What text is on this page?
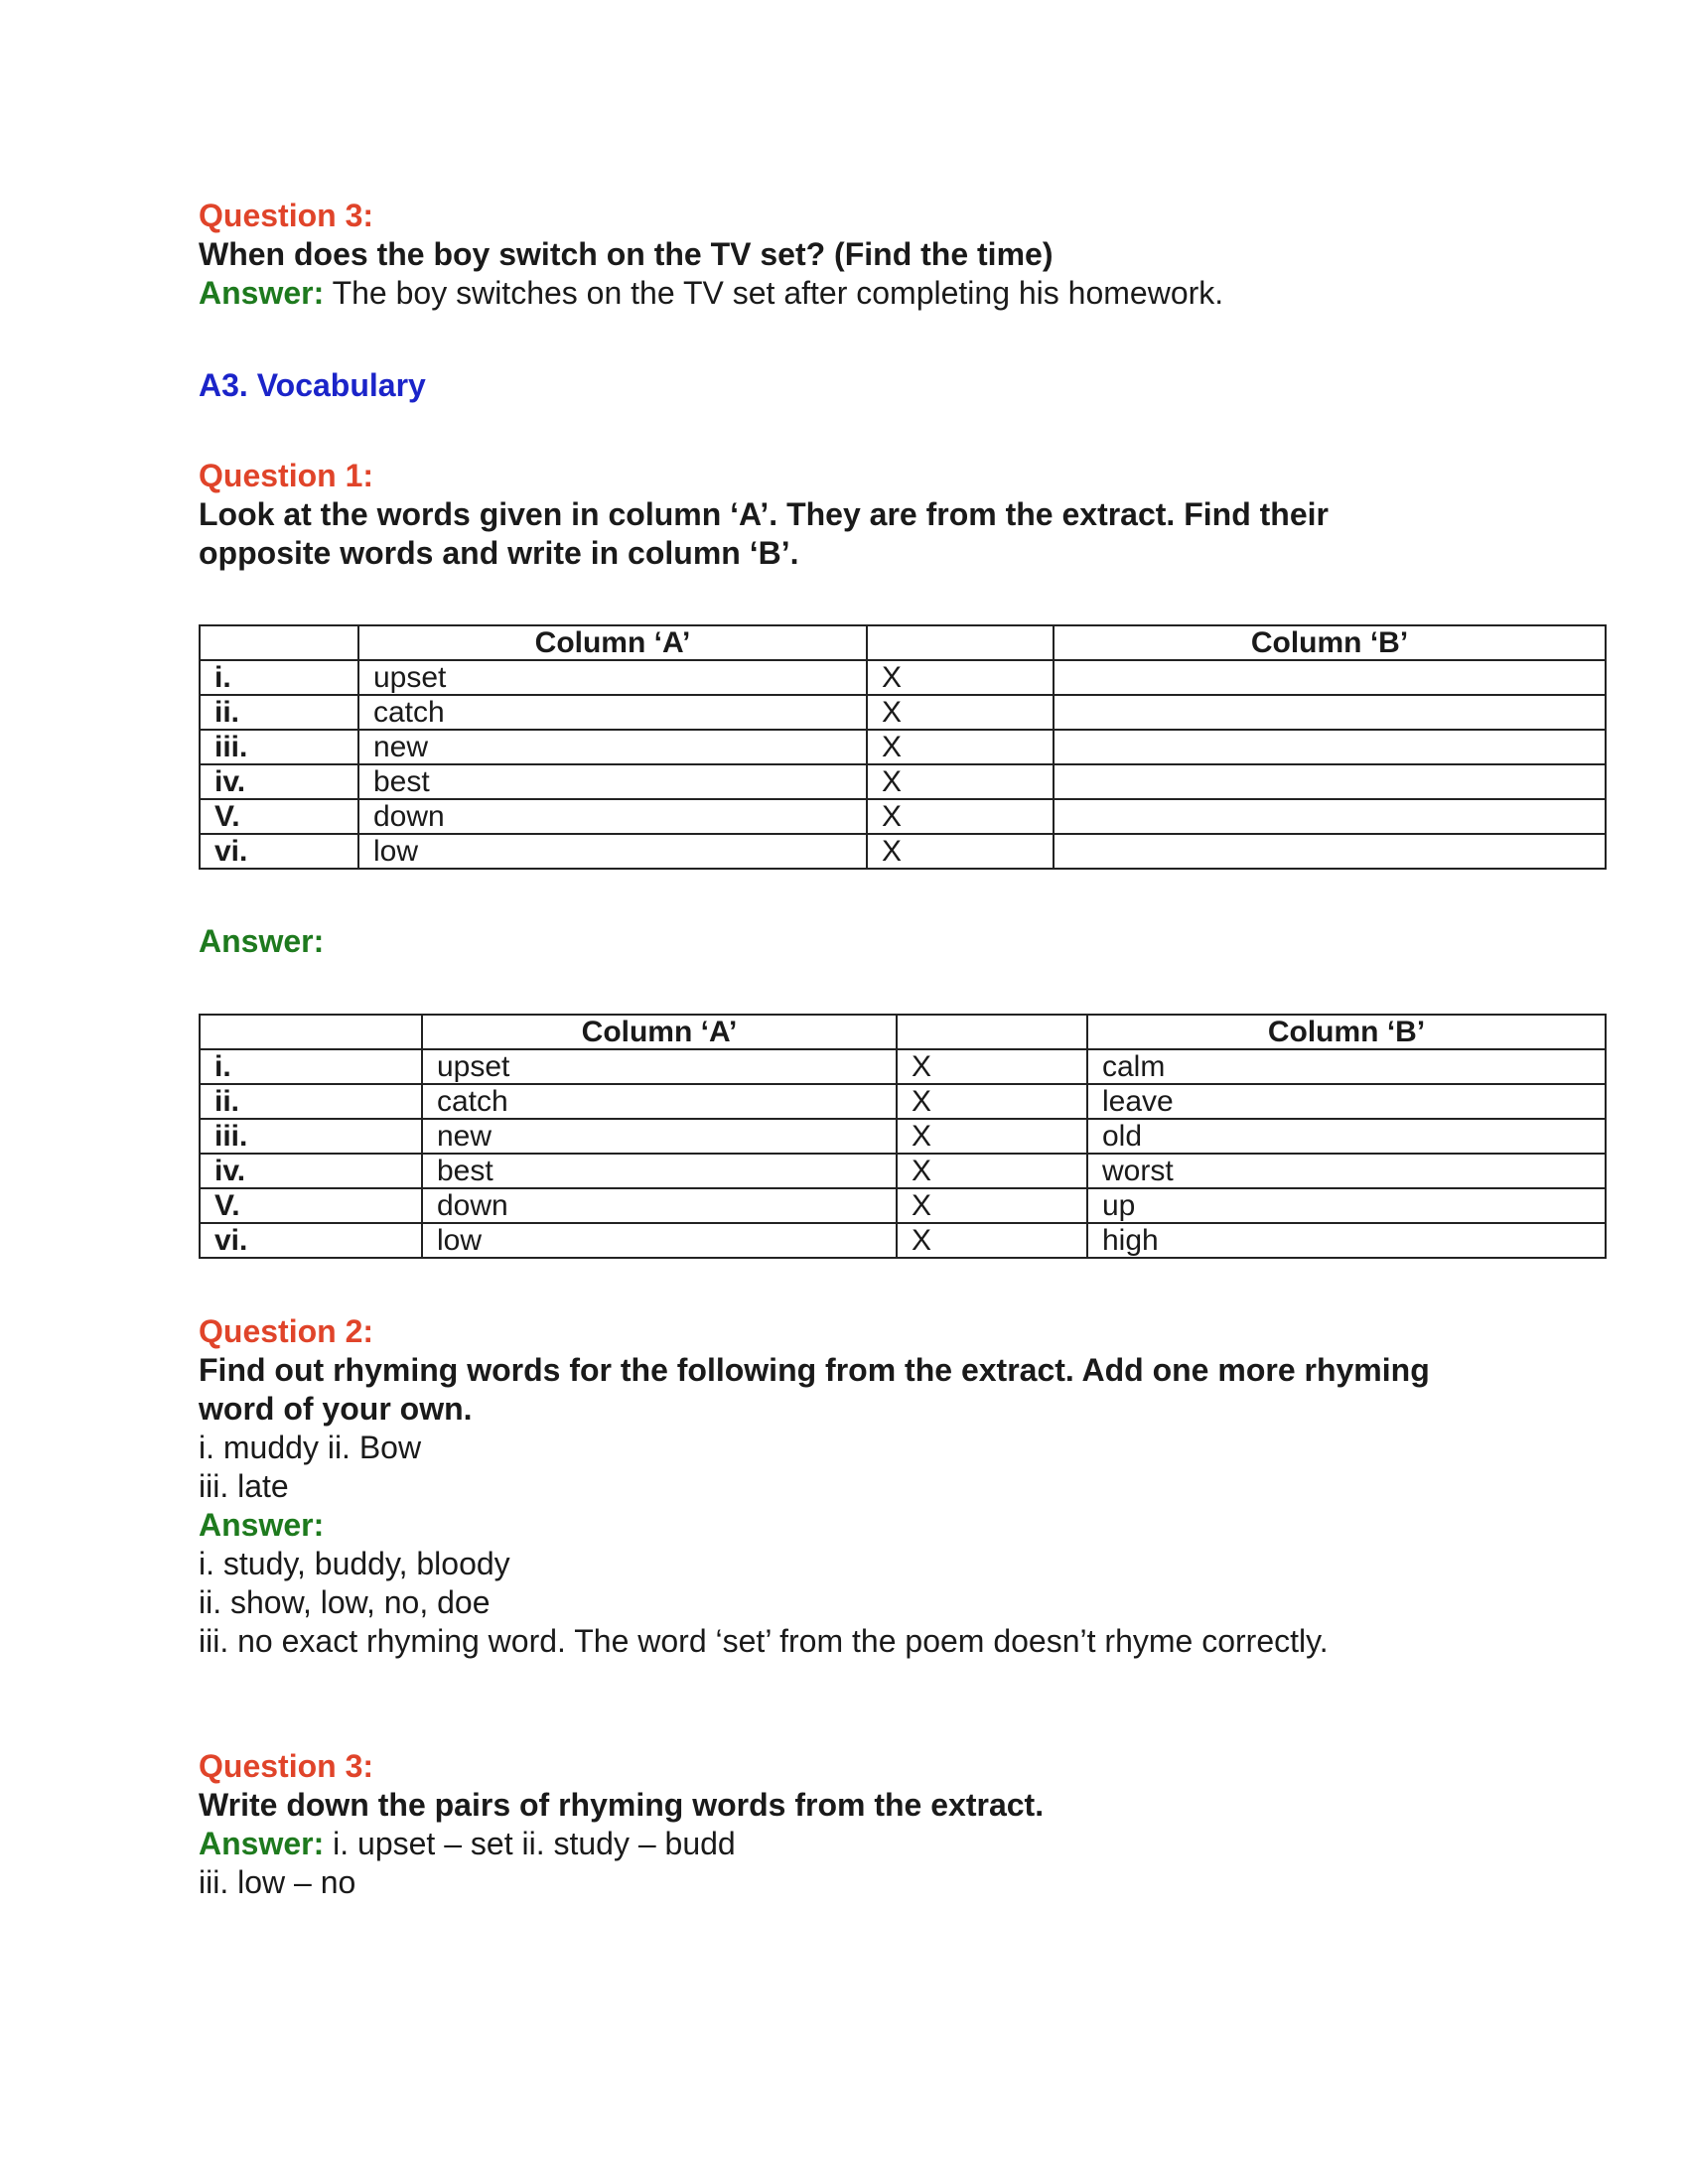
Question 3:

When does the boy switch on the TV set? (Find the time)

Answer: The boy switches on the TV set after completing his homework.

A3. Vocabulary

Question 1:

Look at the words given in column ‘A’. They are from the extract. Find their

opposite words and write in column ‘B’.

	Column ‘A’		Column ‘B’
i.	upset	X	
ii.	catch	X	
iii.	new	X	
iv.	best	X	
V.	down	X	
vi.	low	X	

Answer:

	Column ‘A’		Column ‘B’
i.	upset	X	calm
ii.	catch	X	leave
iii.	new	X	old
iv.	best	X	worst
V.	down	X	up
vi.	low	X	high

Question 2:

Find out rhyming words for the following from the extract. Add one more rhyming

word of your own.

i. muddy ii. Bow

iii. late

Answer:

i. study, buddy, bloody

ii. show, low, no, doe

iii. no exact rhyming word. The word ‘set’ from the poem doesn’t rhyme correctly.

Question 3:

Write down the pairs of rhyming words from the extract.

Answer: i. upset – set ii. study – budd

iii. low – no
